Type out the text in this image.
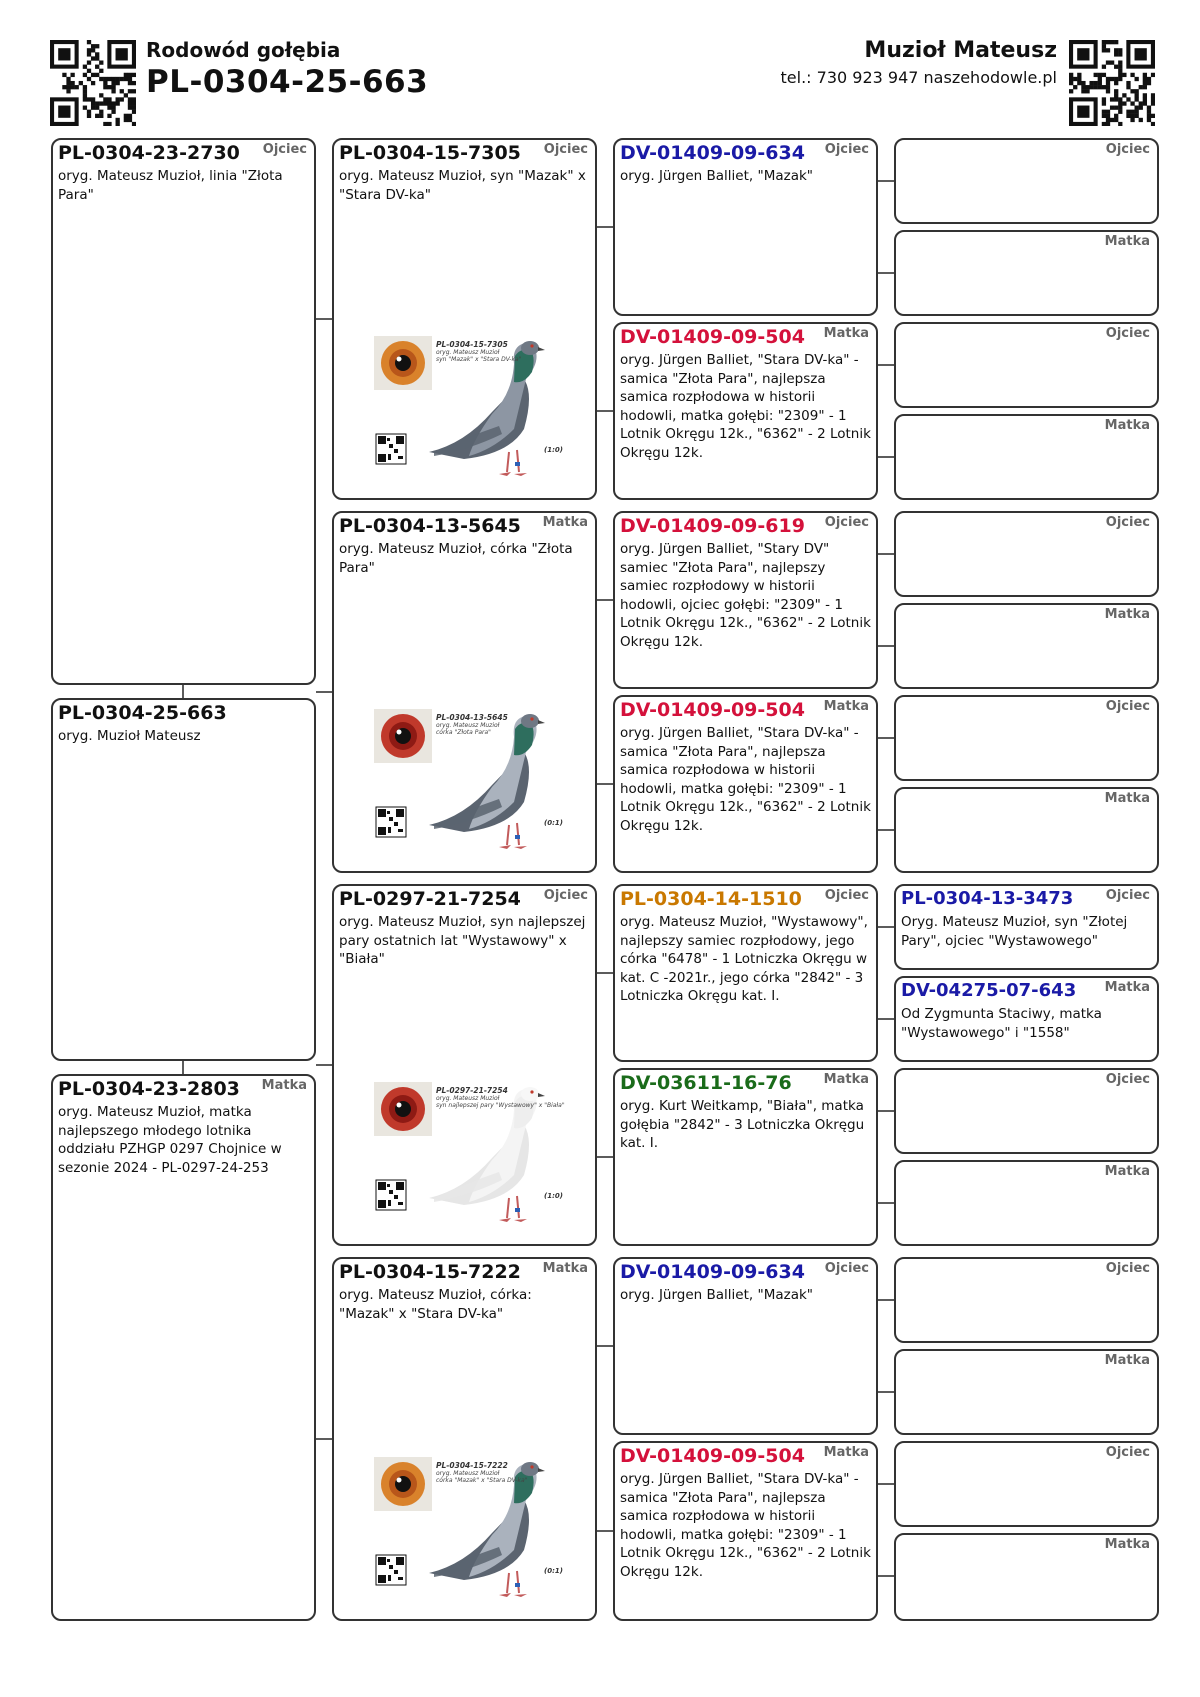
Rodowód gołębia
PL-0304-25-663
Muzioł Mateusz
tel.: 730 923 947 naszehodowle.pl
PL-0304-23-2730 Ojciec
oryg. Mateusz Muzioł, linia "Złota Para"
PL-0304-25-663
oryg. Muzioł Mateusz
PL-0304-23-2803 Matka
oryg. Mateusz Muzioł, matka najlepszego młodego lotnika oddziału PZHGP 0297 Chojnice w sezonie 2024 - PL-0297-24-253
PL-0304-15-7305 Ojciec
oryg. Mateusz Muzioł, syn "Mazak" x "Stara DV-ka"
PL-0304-15-7305
oryg. Mateusz Muzioł
syn "Mazak" x "Stara DV-ka"
(1:0)
PL-0304-13-5645 Matka
oryg. Mateusz Muzioł, córka "Złota Para"
PL-0304-13-5645
oryg. Mateusz Muzioł
córka "Złota Para"
(0:1)
PL-0297-21-7254 Ojciec
oryg. Mateusz Muzioł, syn najlepszej pary ostatnich lat "Wystawowy" x "Biała"
PL-0297-21-7254
oryg. Mateusz Muzioł
syn najlepszej pary "Wystawowy" x "Biała"
(1:0)
PL-0304-15-7222 Matka
oryg. Mateusz Muzioł, córka: "Mazak" x "Stara DV-ka"
PL-0304-15-7222
oryg. Mateusz Muzioł
córka "Mazak" x "Stara DV-ka"
(0:1)
DV-01409-09-634 Ojciec
oryg. Jürgen Balliet, "Mazak"
DV-01409-09-504 Matka
oryg. Jürgen Balliet, "Stara DV-ka" - samica "Złota Para", najlepsza samica rozpłodowa w historii hodowli, matka gołębi: "2309" - 1 Lotnik Okręgu 12k., "6362" - 2 Lotnik Okręgu 12k.
DV-01409-09-619 Ojciec
oryg. Jürgen Balliet, "Stary DV" samiec "Złota Para", najlepszy samiec rozpłodowy w historii hodowli, ojciec gołębi: "2309" - 1 Lotnik Okręgu 12k., "6362" - 2 Lotnik Okręgu 12k.
DV-01409-09-504 Matka
oryg. Jürgen Balliet, "Stara DV-ka" - samica "Złota Para", najlepsza samica rozpłodowa w historii hodowli, matka gołębi: "2309" - 1 Lotnik Okręgu 12k., "6362" - 2 Lotnik Okręgu 12k.
PL-0304-14-1510 Ojciec
oryg. Mateusz Muzioł, "Wystawowy", najlepszy samiec rozpłodowy, jego córka "6478" - 1 Lotniczka Okręgu w kat. C -2021r., jego córka "2842" - 3 Lotniczka Okręgu kat. I.
DV-03611-16-76 Matka
oryg. Kurt Weitkamp, "Biała", matka gołębia "2842" - 3 Lotniczka Okręgu kat. I.
DV-01409-09-634 Ojciec
oryg. Jürgen Balliet, "Mazak"
DV-01409-09-504 Matka
oryg. Jürgen Balliet, "Stara DV-ka" - samica "Złota Para", najlepsza samica rozpłodowa w historii hodowli, matka gołębi: "2309" - 1 Lotnik Okręgu 12k., "6362" - 2 Lotnik Okręgu 12k.
Ojciec
Matka
Ojciec
Matka
Ojciec
Matka
Ojciec
Matka
PL-0304-13-3473 Ojciec
Oryg. Mateusz Muzioł, syn "Złotej Pary", ojciec "Wystawowego"
DV-04275-07-643 Matka
Od Zygmunta Staciwy, matka "Wystawowego" i "1558"
Ojciec
Matka
Ojciec
Matka
Ojciec
Matka
